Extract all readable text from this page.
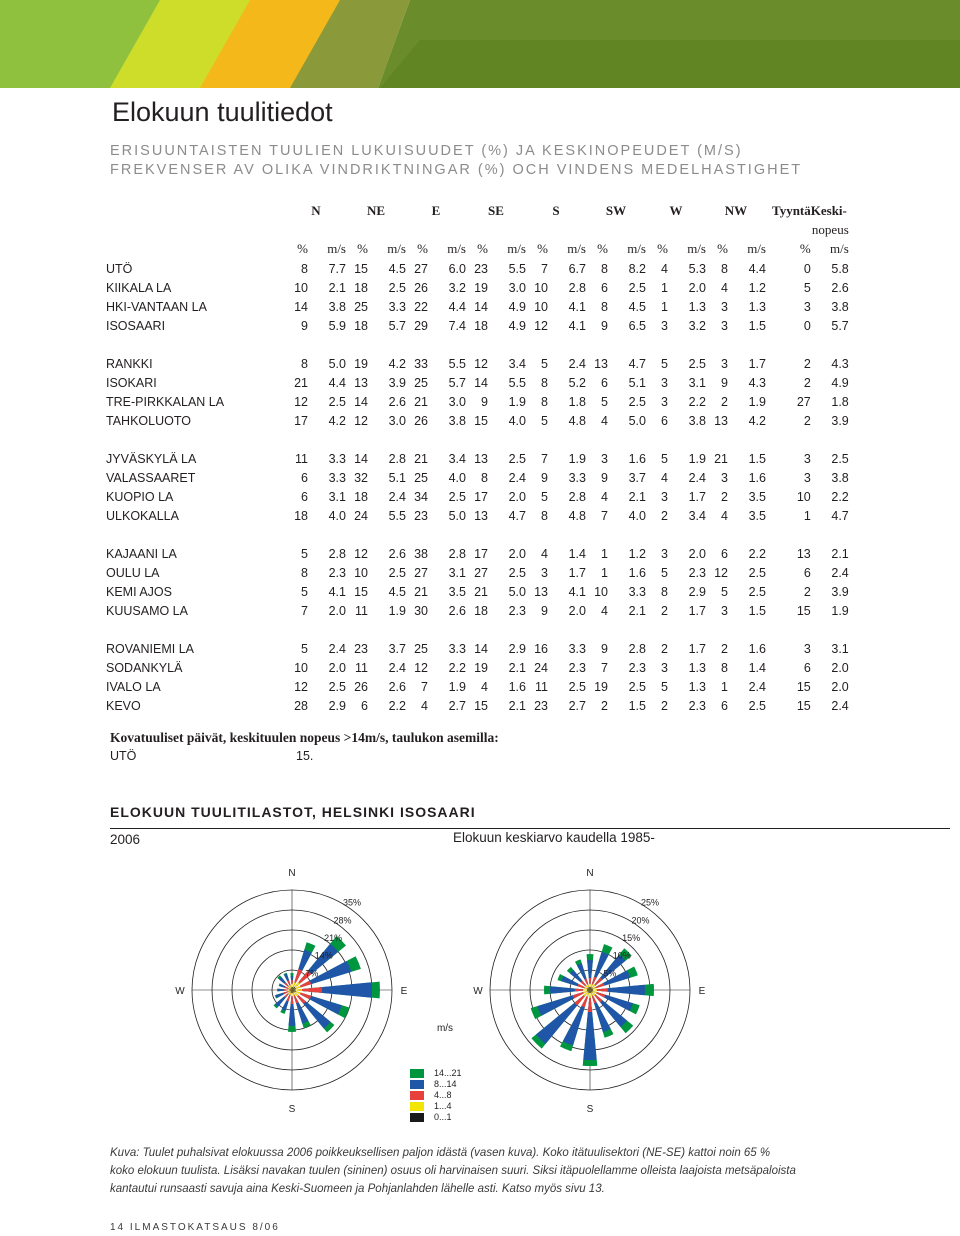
Elokuun tuulitiedot
ERISUUNTAISTEN TUULIEN LUKUISUUDET (%) JA KESKINOPEUDET (M/S)
FREKVENSER AV OLIKA VINDRIKTNINGAR (%) OCH VINDENS MEDELHASTIGHET
	N		NE		E		SE		S		SW		W		NW		Tyyntä	Keski-
																		nopeus
	%	m/s	%	m/s	%	m/s	%	m/s	%	m/s	%	m/s	%	m/s	%	m/s	%	m/s
UTÖ	8	7.7	15	4.5	27	6.0	23	5.5	7	6.7	8	8.2	4	5.3	8	4.4	0	5.8
KIIKALA LA	10	2.1	18	2.5	26	3.2	19	3.0	10	2.8	6	2.5	1	2.0	4	1.2	5	2.6
HKI-VANTAAN LA	14	3.8	25	3.3	22	4.4	14	4.9	10	4.1	8	4.5	1	1.3	3	1.3	3	3.8
ISOSAARI	9	5.9	18	5.7	29	7.4	18	4.9	12	4.1	9	6.5	3	3.2	3	1.5	0	5.7

RANKKI	8	5.0	19	4.2	33	5.5	12	3.4	5	2.4	13	4.7	5	2.5	3	1.7	2	4.3
ISOKARI	21	4.4	13	3.9	25	5.7	14	5.5	8	5.2	6	5.1	3	3.1	9	4.3	2	4.9
TRE-PIRKKALAN LA	12	2.5	14	2.6	21	3.0	9	1.9	8	1.8	5	2.5	3	2.2	2	1.9	27	1.8
TAHKOLUOTO	17	4.2	12	3.0	26	3.8	15	4.0	5	4.8	4	5.0	6	3.8	13	4.2	2	3.9

JYVÄSKYLÄ LA	11	3.3	14	2.8	21	3.4	13	2.5	7	1.9	3	1.6	5	1.9	21	1.5	3	2.5
VALASSAARET	6	3.3	32	5.1	25	4.0	8	2.4	9	3.3	9	3.7	4	2.4	3	1.6	3	3.8
KUOPIO LA	6	3.1	18	2.4	34	2.5	17	2.0	5	2.8	4	2.1	3	1.7	2	3.5	10	2.2
ULKOKALLA	18	4.0	24	5.5	23	5.0	13	4.7	8	4.8	7	4.0	2	3.4	4	3.5	1	4.7

KAJAANI LA	5	2.8	12	2.6	38	2.8	17	2.0	4	1.4	1	1.2	3	2.0	6	2.2	13	2.1
OULU LA	8	2.3	10	2.5	27	3.1	27	2.5	3	1.7	1	1.6	5	2.3	12	2.5	6	2.4
KEMI AJOS	5	4.1	15	4.5	21	3.5	21	5.0	13	4.1	10	3.3	8	2.9	5	2.5	2	3.9
KUUSAMO LA	7	2.0	11	1.9	30	2.6	18	2.3	9	2.0	4	2.1	2	1.7	3	1.5	15	1.9

ROVANIEMI LA	5	2.4	23	3.7	25	3.3	14	2.9	16	3.3	9	2.8	2	1.7	2	1.6	3	3.1
SODANKYLÄ	10	2.0	11	2.4	12	2.2	19	2.1	24	2.3	7	2.3	3	1.3	8	1.4	6	2.0
IVALO LA	12	2.5	26	2.6	7	1.9	4	1.6	11	2.5	19	2.5	5	1.3	1	2.4	15	2.0
KEVO	28	2.9	6	2.2	4	2.7	15	2.1	23	2.7	2	1.5	2	2.3	6	2.5	15	2.4
Kovatuuliset päivät, keskituulen nopeus >14m/s, taulukon asemilla:
UTÖ	15.
ELOKUUN TUULITILASTOT, HELSINKI ISOSAARI
2006	Elokuun keskiarvo kaudella 1985-
7%
14%
21%
28%
35%
N
S
W	E
5%
10%
15%
20%
25%
N
S
W	E
m/s
14...21
8...14
4...8
1...4
0...1
Kuva: Tuulet puhalsivat elokuussa 2006 poikkeuksellisen paljon idästä (vasen kuva). Koko itätuulisektori (NE-SE) kattoi noin 65 %
koko elokuun tuulista. Lisäksi navakan tuulen (sininen) osuus oli harvinaisen suuri. Siksi itäpuolellamme olleista laajoista metsäpaloista
kantautui runsaasti savuja aina Keski-Suomeen ja Pohjanlahden lähelle asti. Katso myös sivu 13.
14 ILMASTOKATSAUS 8/06
